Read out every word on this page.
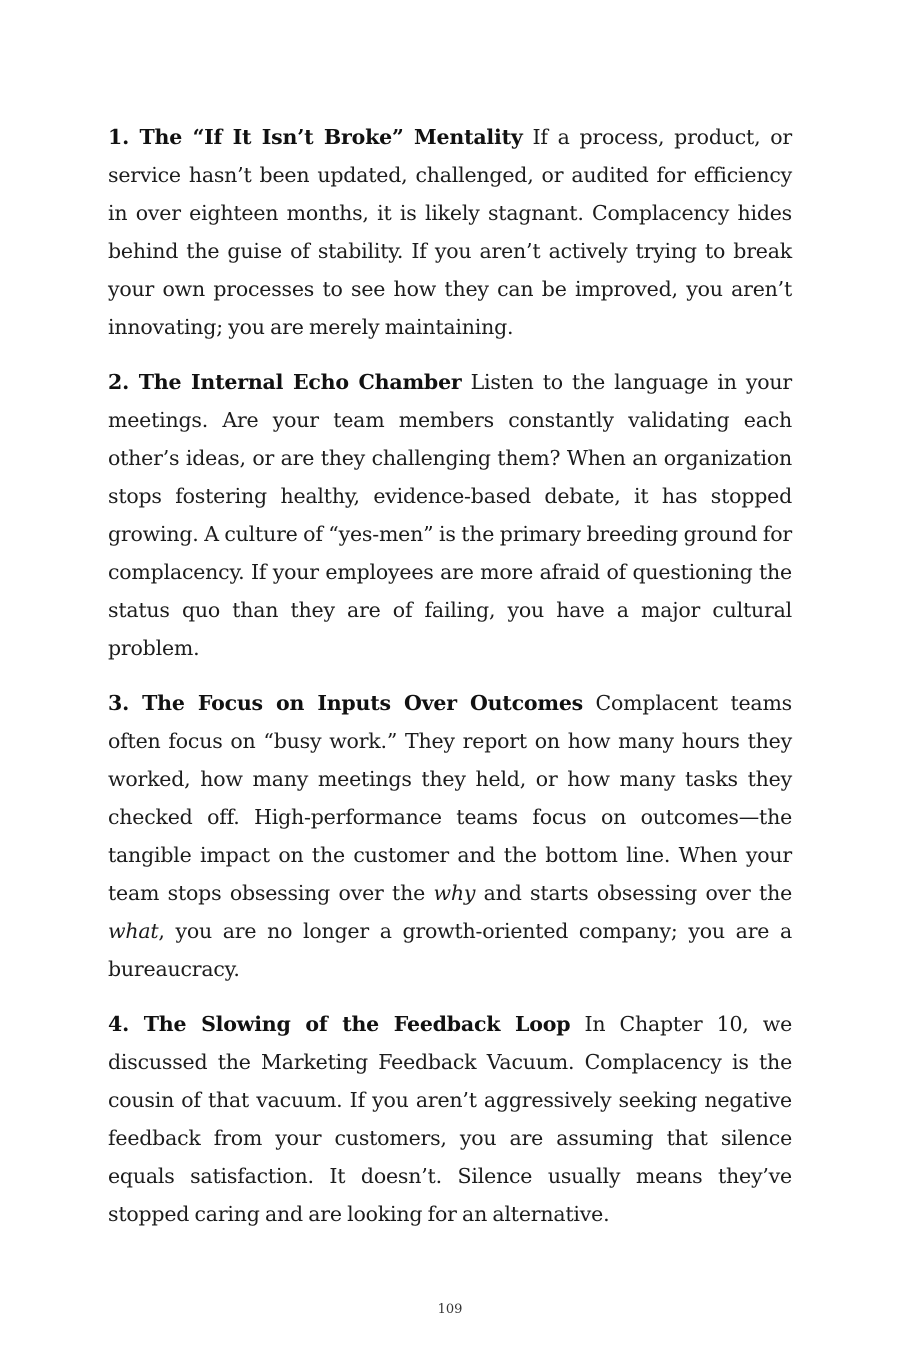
1. The “If It Isn’t Broke” Mentality If a process, product, or service hasn’t been updated, challenged, or audited for efficiency in over eighteen months, it is likely stagnant. Complacency hides behind the guise of stability. If you aren’t actively trying to break your own processes to see how they can be improved, you aren’t innovating; you are merely maintaining.

2. The Internal Echo Chamber Listen to the language in your meetings. Are your team members constantly validating each other’s ideas, or are they challenging them? When an organization stops fostering healthy, evidence-based debate, it has stopped growing. A culture of “yes-men” is the primary breeding ground for complacency. If your employees are more afraid of questioning the status quo than they are of failing, you have a major cultural problem.

3. The Focus on Inputs Over Outcomes Complacent teams often focus on “busy work.” They report on how many hours they worked, how many meetings they held, or how many tasks they checked off. High-performance teams focus on outcomes—the tangible impact on the customer and the bottom line. When your team stops obsessing over the why and starts obsessing over the what, you are no longer a growth-oriented company; you are a bureaucracy.

4. The Slowing of the Feedback Loop In Chapter 10, we discussed the Marketing Feedback Vacuum. Complacency is the cousin of that vacuum. If you aren’t aggressively seeking negative feedback from your customers, you are assuming that silence equals satisfaction. It doesn’t. Silence usually means they’ve stopped caring and are looking for an alternative.

109
